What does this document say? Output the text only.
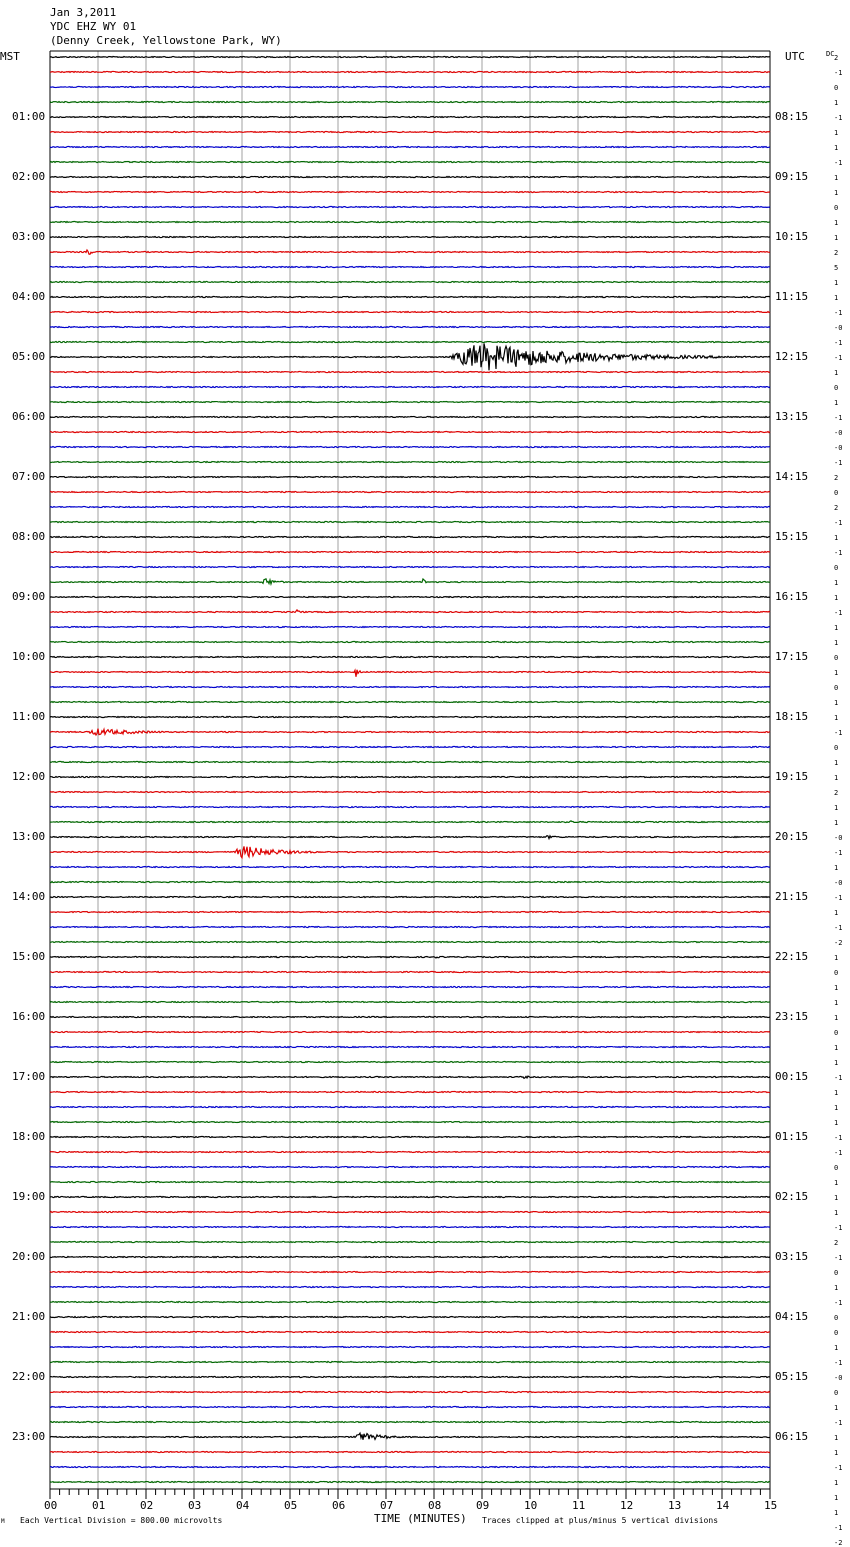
Jan 3,2011
YDC EHZ WY 01
(Denny Creek, Yellowstone Park, WY)
MST	UTC	DC
01:00
02:00
03:00
04:00
05:00
06:00
07:00
08:00
09:00
10:00
11:00
12:00
13:00
14:00
15:00
16:00
17:00
18:00
19:00
20:00
21:00
22:00
23:00
08:15
09:15
10:15
11:15
12:15
13:15
14:15
15:15
16:15
17:15
18:15
19:15
20:15
21:15
22:15
23:15
00:15
01:15
02:15
03:15
04:15
05:15
06:15
2
-1
0
1
-1
1
1
-1
1
1
0
1
1
2
5
1
1
-1
-0
-1
-1
1
0
1
-1
-0
-0
-1
2
0
2
-1
1
-1
0
1
1
-1
1
1
0
1
0
1
1
-1
0
1
1
2
1
1
-0
-1
1
-0
-1
1
-1
-2
1
0
1
1
1
0
1
1
-1
1
1
1
-1
-1
0
1
1
1
-1
2
-1
0
1
-1
0
0
1
-1
-0
0
1
-1
1
1
-1
1
1
1
-1
-2
00	01	02	03	04	05	06	07	08	09	10	11	12	13	14	15
TIME (MINUTES)
M Each Vertical Division = 800.00 microvolts	Traces clipped at plus/minus 5 vertical divisions
